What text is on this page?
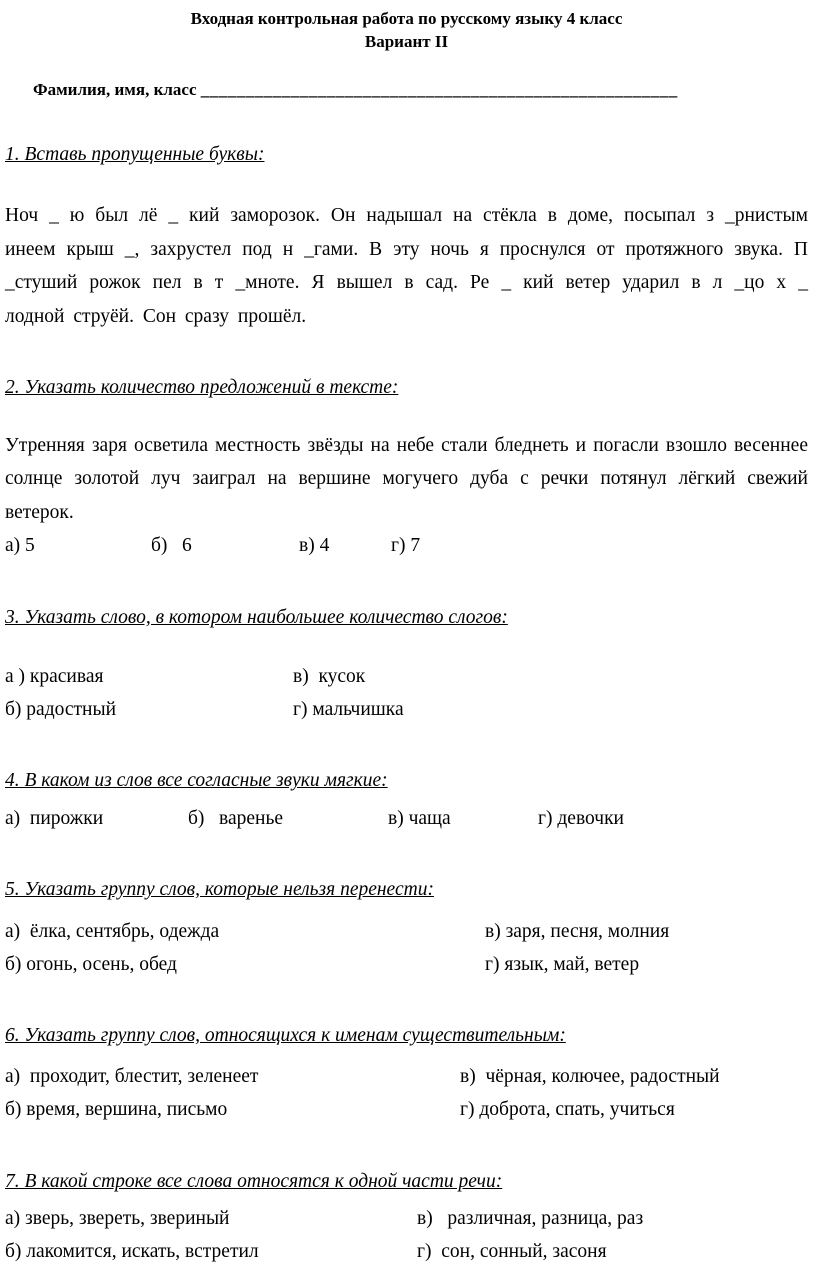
Входная контрольная работа по русскому языку 4 класс
Вариант II
Фамилия, имя, класс _____________________________________________________
1. Вставь пропущенные буквы:

Ноч _ ю был лё _ кий заморозок. Он надышал на стёкла в доме, посыпал з _рнистым инеем крыш _, захрустел под н _гами. В эту ночь я проснулся от протяжного звука. П _стуший рожок пел в т _мноте. Я вышел в сад. Ре _ кий ветер ударил в л _цо х _ лодной струёй. Сон сразу прошёл.

2. Указать количество предложений в тексте:

Утренняя заря осветила местность звёзды на небе стали бледнеть и погасли взошло весеннее солнце золотой луч заиграл на вершине могучего дуба с речки потянул лёгкий свежий ветерок.

а) 5	б)   6	в) 4	г) 7
3. Указать слово, в котором наибольшее количество слогов:
а ) красивая	в)  кусок
б) радостный	г) мальчишка
4. В каком из слов все согласные звуки мягкие:
а)  пирожки	б)   варенье	в) чаща	г) девочки
5. Указать группу слов, которые нельзя перенести:
а)  ёлка, сентябрь, одежда	в) заря, песня, молния
б) огонь, осень, обед	г) язык, май, ветер
6. Указать группу слов, относящихся к именам существительным:
а)  проходит, блестит, зеленеет	в)  чёрная, колючее, радостный
б) время, вершина, письмо	г) доброта, спать, учиться
7. В какой строке все слова относятся к одной части речи:
а) зверь, звереть, звериный	в)   различная, разница, раз
б) лакомится, искать, встретил	г)  сон, сонный, засоня
